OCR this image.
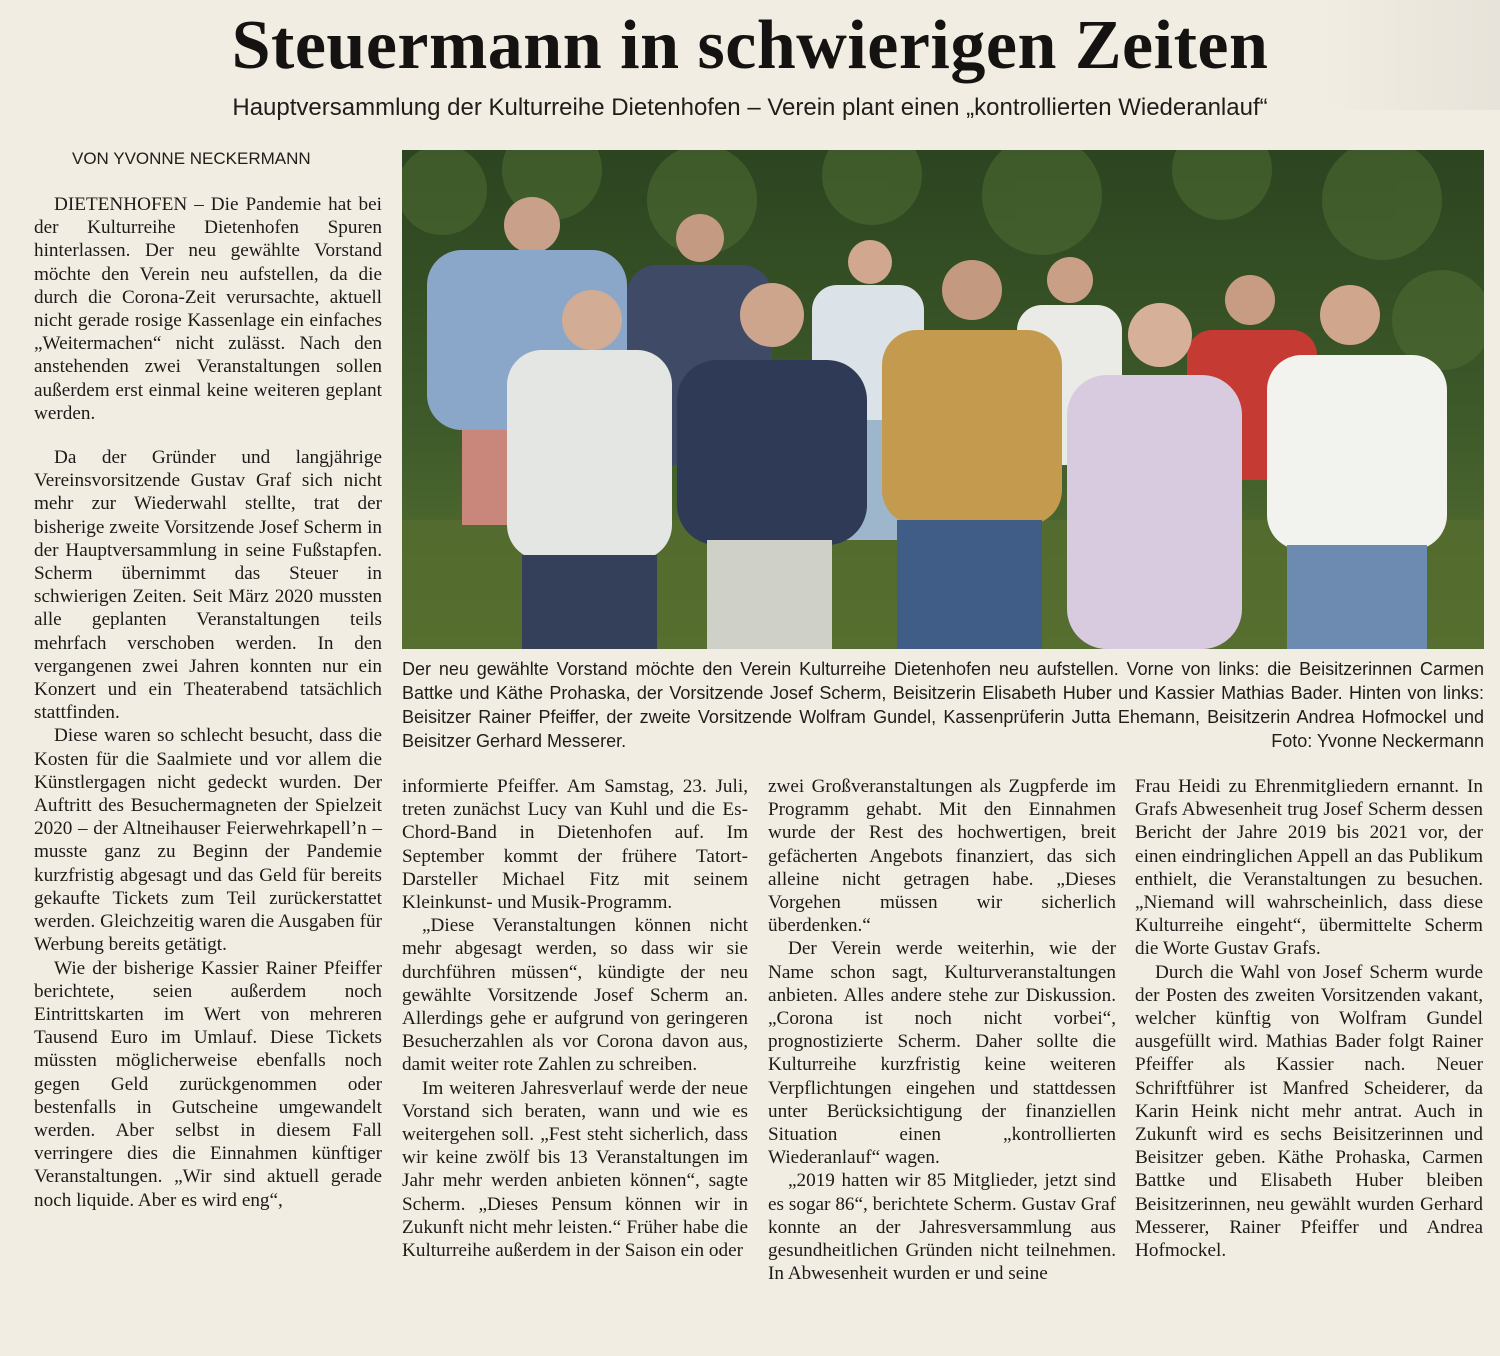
Steuermann in schwierigen Zeiten
Hauptversammlung der Kulturreihe Dietenhofen – Verein plant einen „kontrollierten Wiederanlauf“
VON YVONNE NECKERMANN

DIETENHOFEN – Die Pandemie hat bei der Kulturreihe Dietenhofen Spuren hinterlassen. Der neu gewählte Vorstand möchte den Verein neu aufstellen, da die durch die Corona-Zeit verursachte, aktuell nicht gerade rosige Kassenlage ein einfaches „Weitermachen“ nicht zulässt. Nach den anstehenden zwei Veranstaltungen sollen außerdem erst einmal keine weiteren geplant werden.

Da der Gründer und langjährige Vereinsvorsitzende Gustav Graf sich nicht mehr zur Wiederwahl stellte, trat der bisherige zweite Vorsitzende Josef Scherm in der Hauptversammlung in seine Fußstapfen. Scherm übernimmt das Steuer in schwierigen Zeiten. Seit März 2020 mussten alle geplanten Veranstaltungen teils mehrfach verschoben werden. In den vergangenen zwei Jahren konnten nur ein Konzert und ein Theaterabend tatsächlich stattfinden.

Diese waren so schlecht besucht, dass die Kosten für die Saalmiete und vor allem die Künstlergagen nicht gedeckt wurden. Der Auftritt des Besuchermagneten der Spielzeit 2020 – der Altneihauser Feierwehrkapell’n – musste ganz zu Beginn der Pandemie kurzfristig abgesagt und das Geld für bereits gekaufte Tickets zum Teil zurückerstattet werden. Gleichzeitig waren die Ausgaben für Werbung bereits getätigt.

Wie der bisherige Kassier Rainer Pfeiffer berichtete, seien außerdem noch Eintrittskarten im Wert von mehreren Tausend Euro im Umlauf. Diese Tickets müssten möglicherweise ebenfalls noch gegen Geld zurückgenommen oder bestenfalls in Gutscheine umgewandelt werden. Aber selbst in diesem Fall verringere dies die Einnahmen künftiger Veranstaltungen. „Wir sind aktuell gerade noch liquide. Aber es wird eng“,

Der neu gewählte Vorstand möchte den Verein Kulturreihe Dietenhofen neu aufstellen. Vorne von links: die Beisitzerinnen Carmen Battke und Käthe Prohaska, der Vorsitzende Josef Scherm, Beisitzerin Elisabeth Huber und Kassier Mathias Bader. Hinten von links: Beisitzer Rainer Pfeiffer, der zweite Vorsitzende Wolfram Gundel, Kassenprüferin Jutta Ehemann, Beisitzerin Andrea Hofmockel und Beisitzer Gerhard Messerer.	Foto: Yvonne Neckermann

informierte Pfeiffer. Am Samstag, 23. Juli, treten zunächst Lucy van Kuhl und die Es-Chord-Band in Dietenhofen auf. Im September kommt der frühere Tatort-Darsteller Michael Fitz mit seinem Kleinkunst- und Musik-Programm.

„Diese Veranstaltungen können nicht mehr abgesagt werden, so dass wir sie durchführen müssen“, kündigte der neu gewählte Vorsitzende Josef Scherm an. Allerdings gehe er aufgrund von geringeren Besucherzahlen als vor Corona davon aus, damit weiter rote Zahlen zu schreiben.

Im weiteren Jahresverlauf werde der neue Vorstand sich beraten, wann und wie es weitergehen soll. „Fest steht sicherlich, dass wir keine zwölf bis 13 Veranstaltungen im Jahr mehr werden anbieten können“, sagte Scherm. „Dieses Pensum können wir in Zukunft nicht mehr leisten.“ Früher habe die Kulturreihe außerdem in der Saison ein oder

zwei Großveranstaltungen als Zugpferde im Programm gehabt. Mit den Einnahmen wurde der Rest des hochwertigen, breit gefächerten Angebots finanziert, das sich alleine nicht getragen habe. „Dieses Vorgehen müssen wir sicherlich überdenken.“

Der Verein werde weiterhin, wie der Name schon sagt, Kulturveranstaltungen anbieten. Alles andere stehe zur Diskussion. „Corona ist noch nicht vorbei“, prognostizierte Scherm. Daher sollte die Kulturreihe kurzfristig keine weiteren Verpflichtungen eingehen und stattdessen unter Berücksichtigung der finanziellen Situation einen „kontrollierten Wiederanlauf“ wagen.

„2019 hatten wir 85 Mitglieder, jetzt sind es sogar 86“, berichtete Scherm. Gustav Graf konnte an der Jahresversammlung aus gesundheitlichen Gründen nicht teilnehmen. In Abwesenheit wurden er und seine

Frau Heidi zu Ehrenmitgliedern ernannt. In Grafs Abwesenheit trug Josef Scherm dessen Bericht der Jahre 2019 bis 2021 vor, der einen eindringlichen Appell an das Publikum enthielt, die Veranstaltungen zu besuchen. „Niemand will wahrscheinlich, dass diese Kulturreihe eingeht“, übermittelte Scherm die Worte Gustav Grafs.

Durch die Wahl von Josef Scherm wurde der Posten des zweiten Vorsitzenden vakant, welcher künftig von Wolfram Gundel ausgefüllt wird. Mathias Bader folgt Rainer Pfeiffer als Kassier nach. Neuer Schriftführer ist Manfred Scheiderer, da Karin Heink nicht mehr antrat. Auch in Zukunft wird es sechs Beisitzerinnen und Beisitzer geben. Käthe Prohaska, Carmen Battke und Elisabeth Huber bleiben Beisitzerinnen, neu gewählt wurden Gerhard Messerer, Rainer Pfeiffer und Andrea Hofmockel.
